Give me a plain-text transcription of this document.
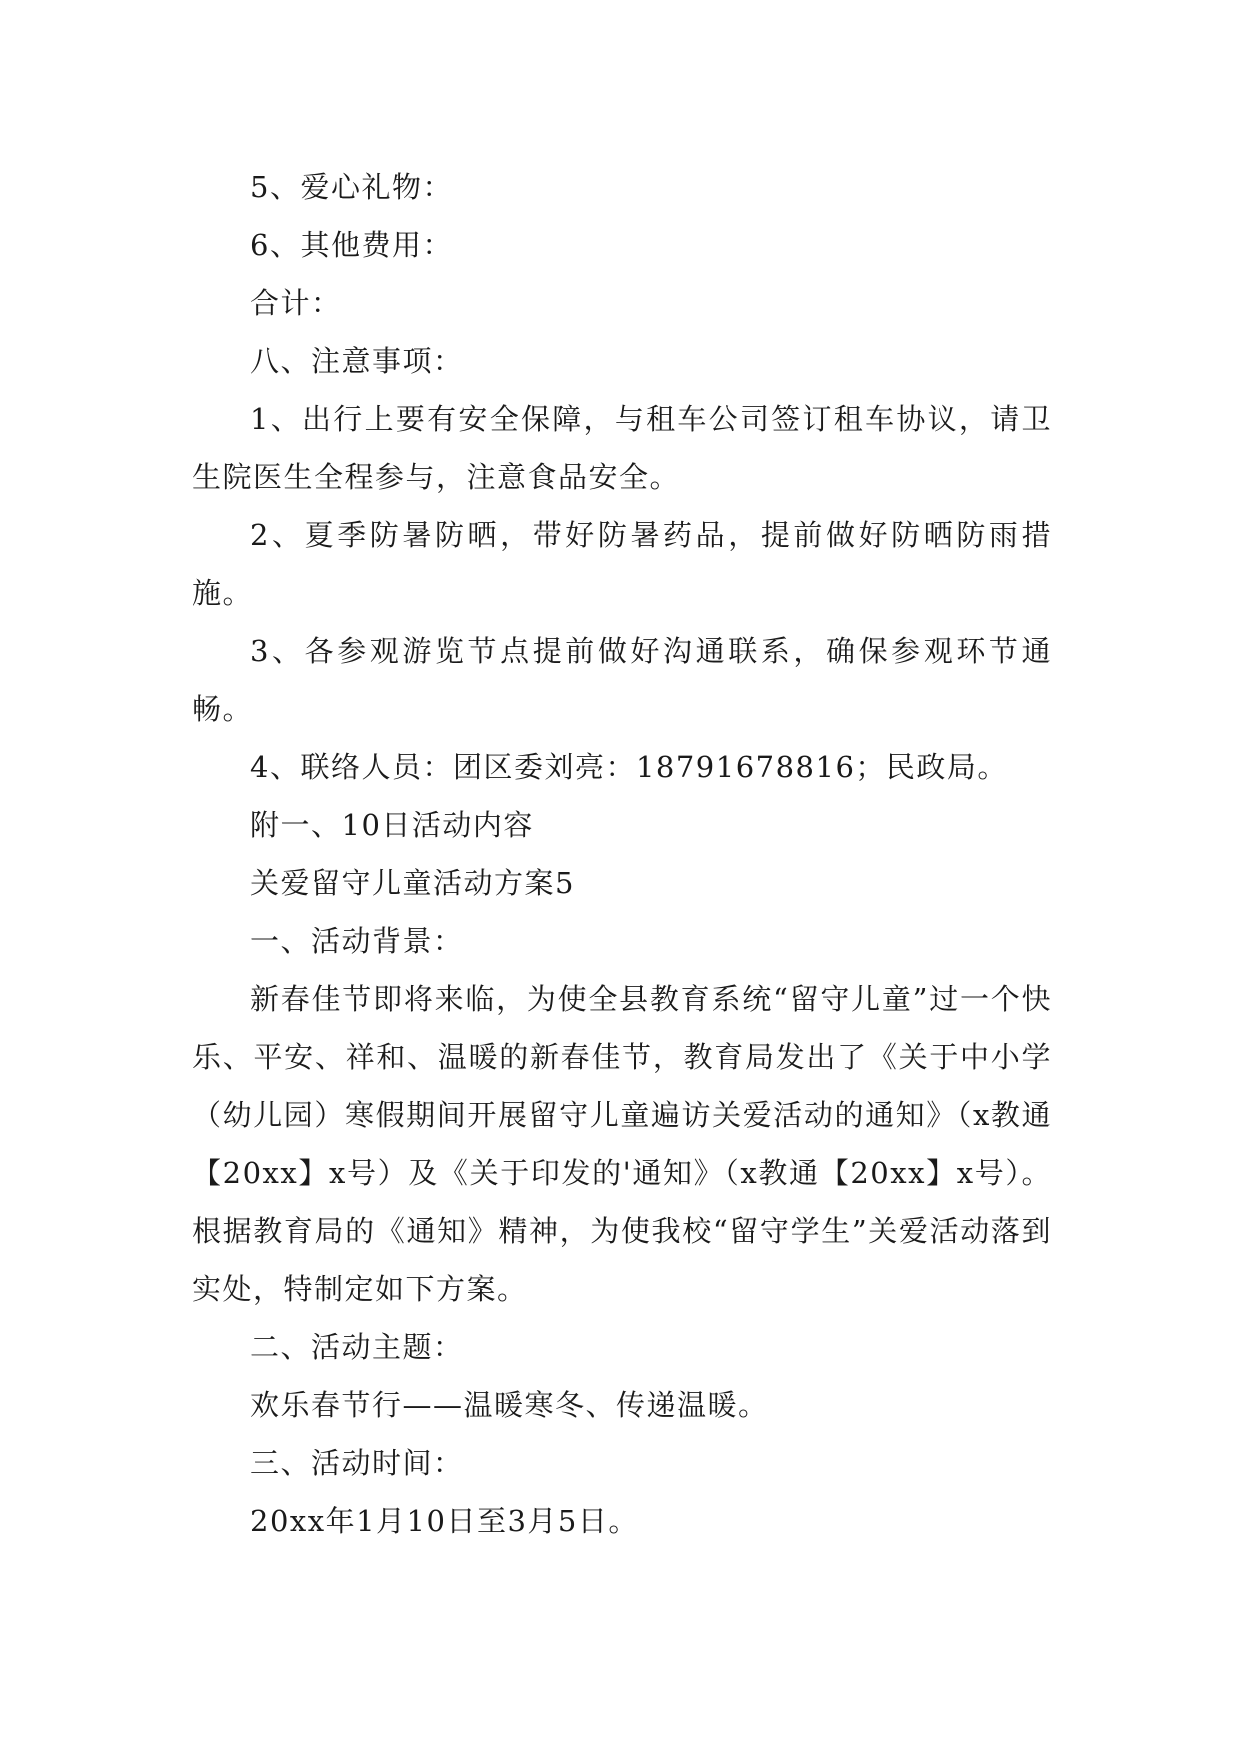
5、爱心礼物：

6、其他费用：

合计：

八、注意事项：

1、出行上要有安全保障，与租车公司签订租车协议，请卫生院医生全程参与，注意食品安全。

2、夏季防暑防晒，带好防暑药品，提前做好防晒防雨措施。

3、各参观游览节点提前做好沟通联系，确保参观环节通畅。

4、联络人员：团区委刘亮：18791678816；民政局。

附一、10日活动内容

关爱留守儿童活动方案5

一、活动背景：

新春佳节即将来临，为使全县教育系统“留守儿童”过一个快乐、平安、祥和、温暖的新春佳节，教育局发出了《关于中小学（幼儿园）寒假期间开展留守儿童遍访关爱活动的通知》（x教通【20xx】x号）及《关于印发的'通知》（x教通【20xx】x号）。根据教育局的《通知》精神，为使我校“留守学生”关爱活动落到实处，特制定如下方案。

二、活动主题：

欢乐春节行——温暖寒冬、传递温暖。

三、活动时间：

20xx年1月10日至3月5日。
